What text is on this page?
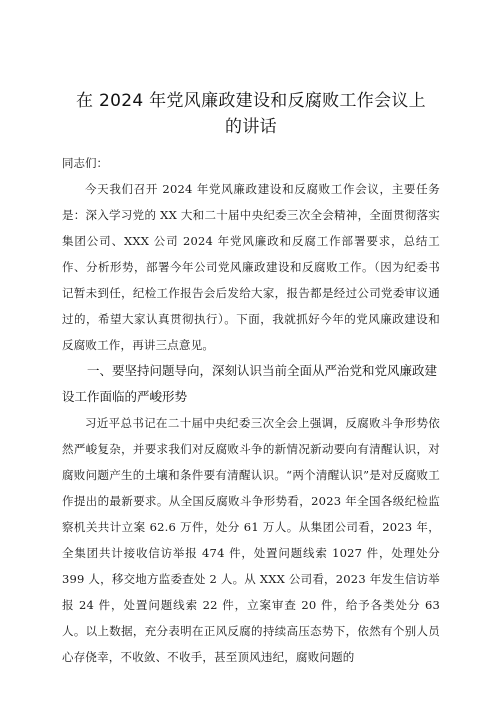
在 2024 年党风廉政建设和反腐败工作会议上
的讲话

同志们：

今天我们召开 2024 年党风廉政建设和反腐败工作会议，主要任务是：深入学习党的 XX 大和二十届中央纪委三次全会精神，全面贯彻落实集团公司、XXX 公司 2024 年党风廉政和反腐工作部署要求，总结工作、分析形势，部署今年公司党风廉政建设和反腐败工作。（因为纪委书记暂未到任，纪检工作报告会后发给大家，报告都是经过公司党委审议通过的，希望大家认真贯彻执行）。下面，我就抓好今年的党风廉政建设和反腐败工作，再讲三点意见。

一、要坚持问题导向，深刻认识当前全面从严治党和党风廉政建设工作面临的严峻形势

习近平总书记在二十届中央纪委三次全会上强调，反腐败斗争形势依然严峻复杂，并要求我们对反腐败斗争的新情况新动要向有清醒认识，对腐败问题产生的土壤和条件要有清醒认识。“两个清醒认识”是对反腐败工作提出的最新要求。从全国反腐败斗争形势看，2023 年全国各级纪检监察机关共计立案 62.6 万件，处分 61 万人。从集团公司看，2023 年，全集团共计接收信访举报 474 件，处置问题线索 1027 件，处理处分 399 人，移交地方监委查处 2 人。从 XXX 公司看，2023 年发生信访举报 24 件，处置问题线索 22 件，立案审查 20 件，给予各类处分 63 人。以上数据，充分表明在正风反腐的持续高压态势下，依然有个别人员心存侥幸，不收敛、不收手，甚至顶风违纪，腐败问题的
